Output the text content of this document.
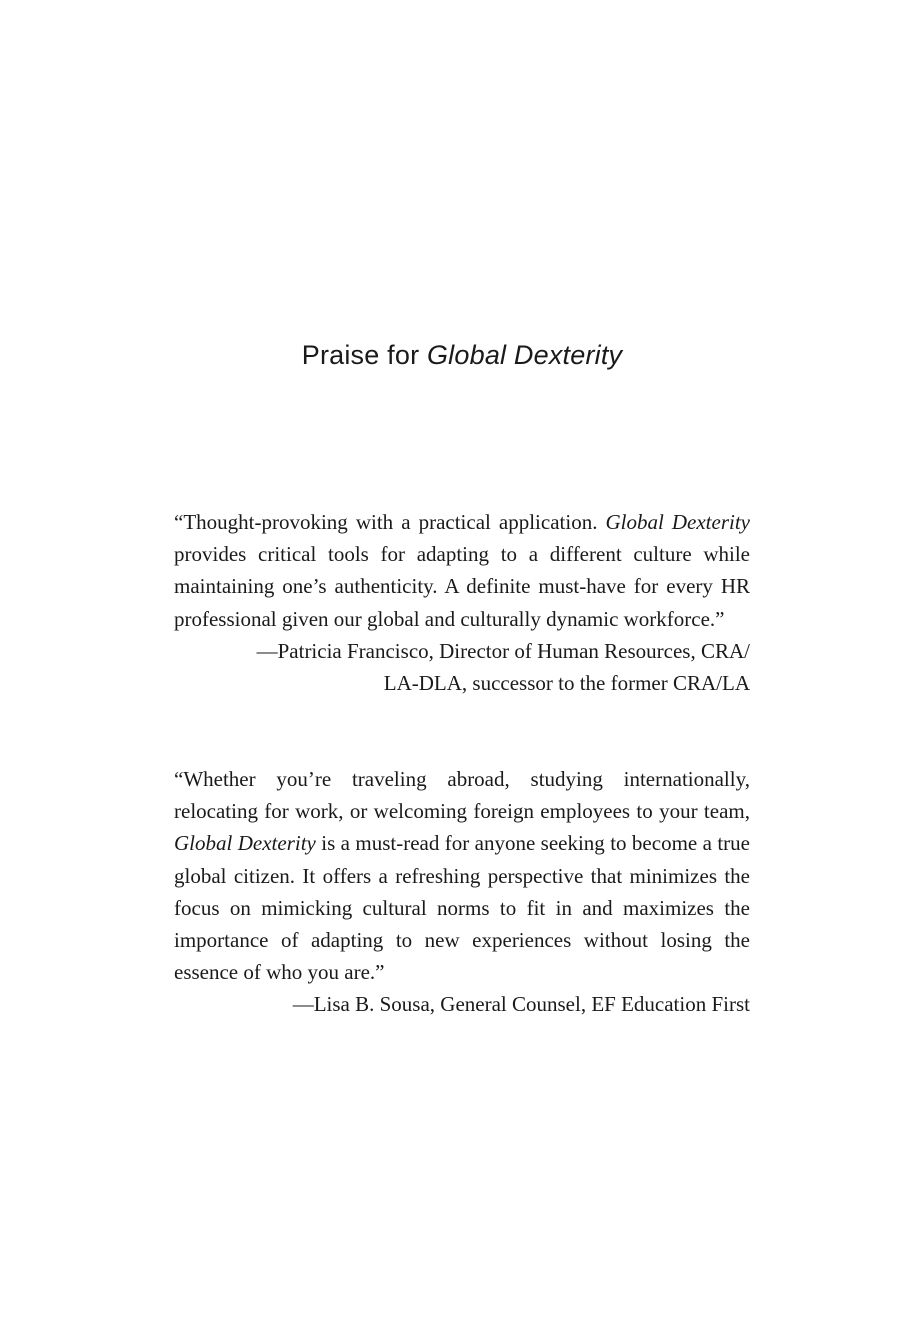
Praise for Global Dexterity

“Thought-provoking with a practical application. Global Dexterity provides critical tools for adapting to a different culture while maintaining one’s authenticity. A definite must-have for every HR professional given our global and culturally dynamic workforce.”

—Patricia Francisco, Director of Human Resources, CRA/
LA-DLA, successor to the former CRA/LA

“Whether you’re traveling abroad, studying internationally, relocating for work, or welcoming foreign employees to your team, Global Dexterity is a must-read for anyone seeking to become a true global citizen. It offers a refreshing perspective that minimizes the focus on mimicking cultural norms to fit in and maximizes the importance of adapting to new experiences without losing the essence of who you are.”

—Lisa B. Sousa, General Counsel, EF Education First
